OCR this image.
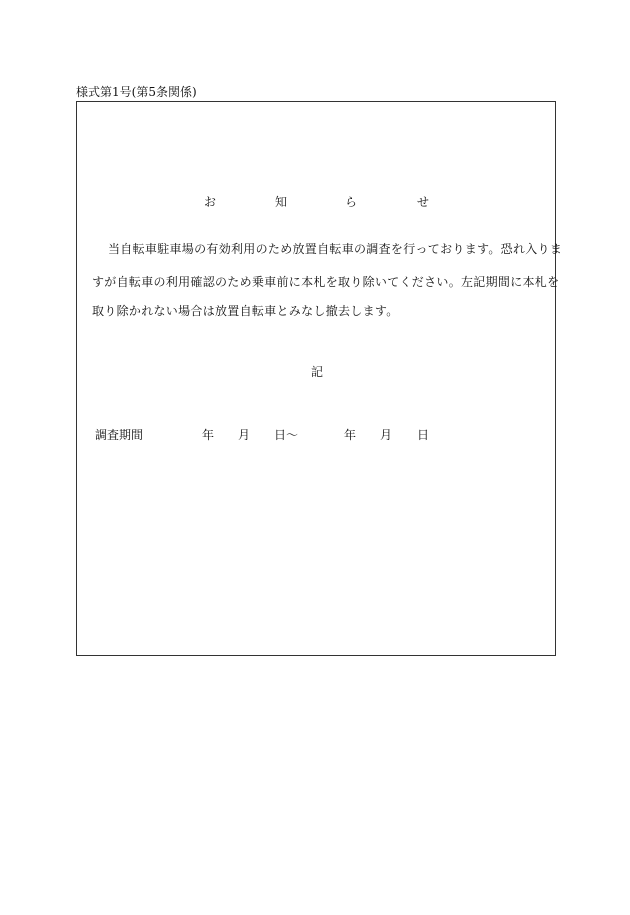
様式第1号(第5条関係)
お	知	ら	せ
当自転車駐車場の有効利用のため放置自転車の調査を行っております。恐れ入りま
すが自転車の利用確認のため乗車前に本札を取り除いてください。左記期間に本札を
取り除かれない場合は放置自転車とみなし撤去します。
記
調査期間	年 月 日〜	年 月 日
